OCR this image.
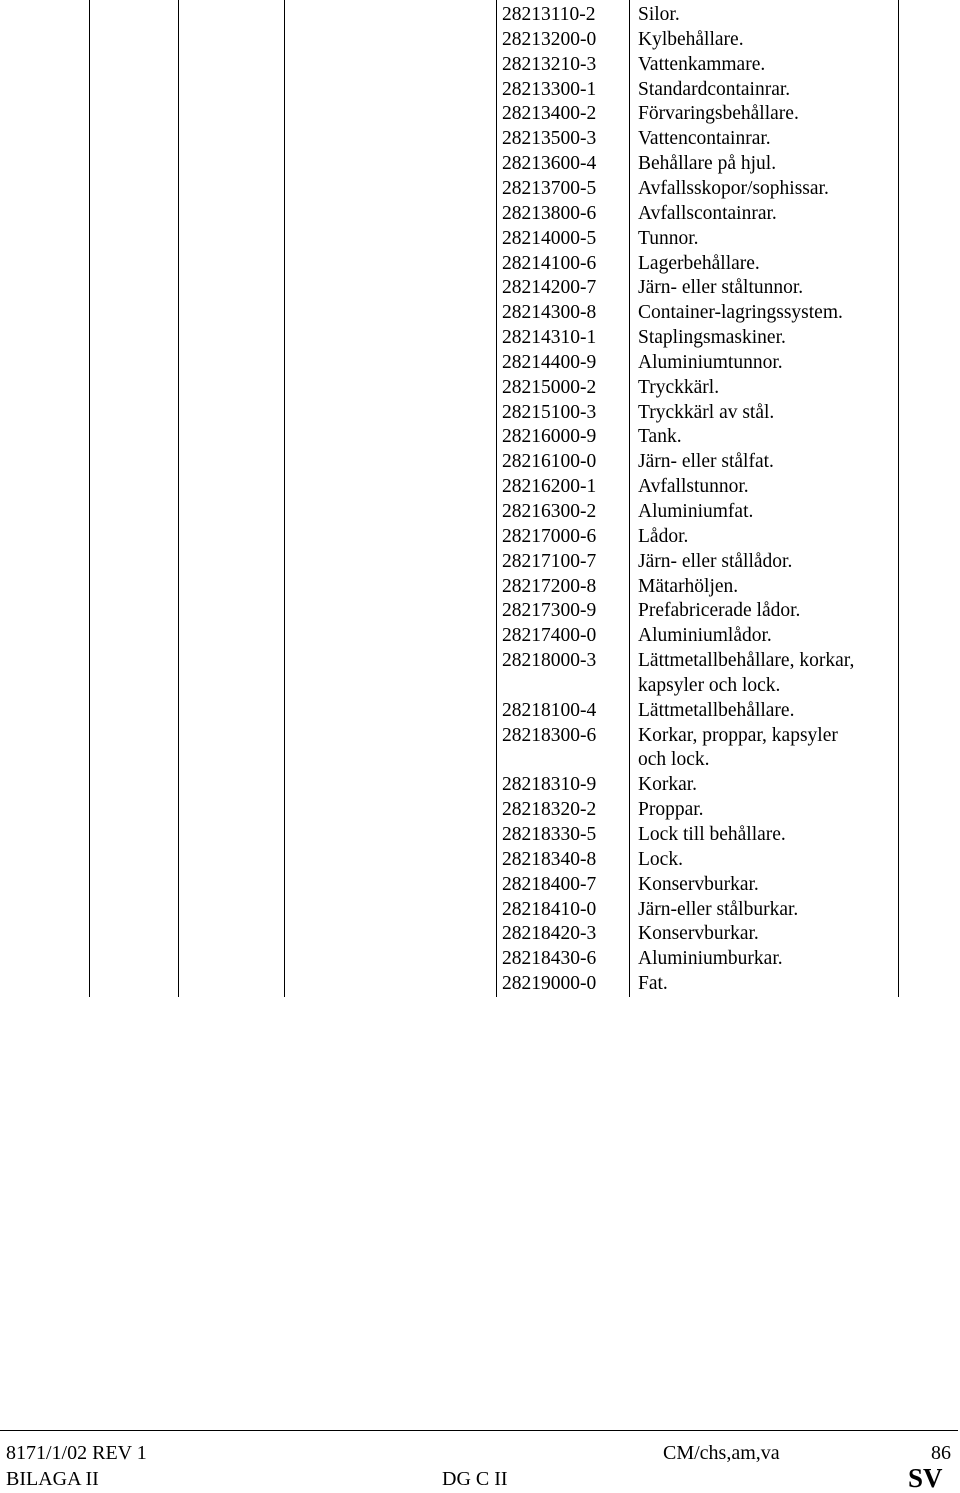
28213110-2 Silor.
28213200-0 Kylbehållare.
28213210-3 Vattenkammare.
28213300-1 Standardcontainrar.
28213400-2 Förvaringsbehållare.
28213500-3 Vattencontainrar.
28213600-4 Behållare på hjul.
28213700-5 Avfallsskopor/sophissar.
28213800-6 Avfallscontainrar.
28214000-5 Tunnor.
28214100-6 Lagerbehållare.
28214200-7 Järn- eller ståltunnor.
28214300-8 Container-lagringssystem.
28214310-1 Staplingsmaskiner.
28214400-9 Aluminiumtunnor.
28215000-2 Tryckkärl.
28215100-3 Tryckkärl av stål.
28216000-9 Tank.
28216100-0 Järn- eller stålfat.
28216200-1 Avfallstunnor.
28216300-2 Aluminiumfat.
28217000-6 Lådor.
28217100-7 Järn- eller stållådor.
28217200-8 Mätarhöljen.
28217300-9 Prefabricerade lådor.
28217400-0 Aluminiumlådor.
28218000-3 Lättmetallbehållare, korkar,
kapsyler och lock.
28218100-4 Lättmetallbehållare.
28218300-6 Korkar, proppar, kapsyler
och lock.
28218310-9 Korkar.
28218320-2 Proppar.
28218330-5 Lock till behållare.
28218340-8 Lock.
28218400-7 Konservburkar.
28218410-0 Järn-eller stålburkar.
28218420-3 Konservburkar.
28218430-6 Aluminiumburkar.
28219000-0 Fat.
8171/1/02 REV 1	CM/chs,am,va	86
BILAGA II	DG C II	SV
